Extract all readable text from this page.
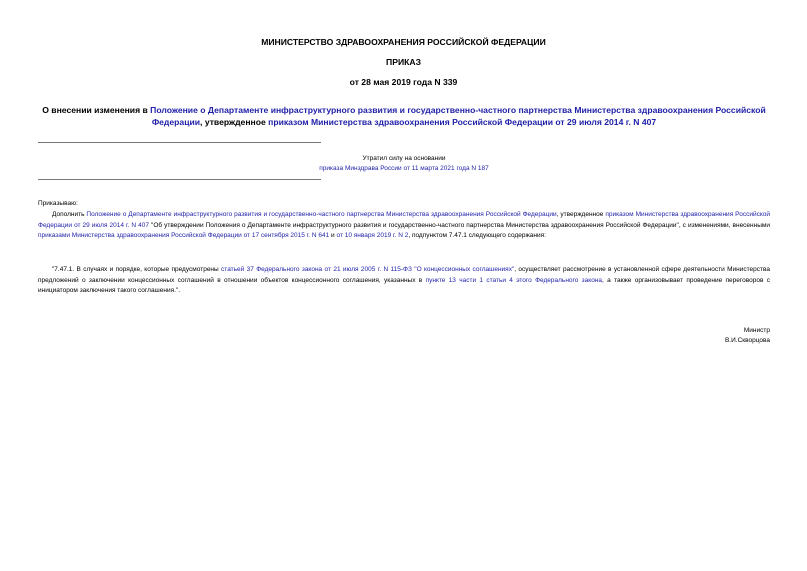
МИНИСТЕРСТВО ЗДРАВООХРАНЕНИЯ РОССИЙСКОЙ ФЕДЕРАЦИИ
ПРИКАЗ
от 28 мая 2019 года N 339
О внесении изменения в Положение о Департаменте инфраструктурного развития и государственно-частного партнерства Министерства здравоохранения Российской Федерации, утвержденное приказом Министерства здравоохранения Российской Федерации от 29 июля 2014 г. N 407
Утратил силу на основании
приказа Минздрава России от 11 марта 2021 года N 187
Приказываю:
Дополнить Положение о Департаменте инфраструктурного развития и государственно-частного партнерства Министерства здравоохранения Российской Федерации, утвержденное приказом Министерства здравоохранения Российской Федерации от 29 июля 2014 г. N 407 "Об утверждении Положения о Департаменте инфраструктурного развития и государственно-частного партнерства Министерства здравоохранения Российской Федерации", с изменениями, внесенными приказами Министерства здравоохранения Российской Федерации от 17 сентября 2015 г. N 641 и от 10 января 2019 г. N 2, подпунктом 7.47.1 следующего содержания:
"7.47.1. В случаях и порядке, которые предусмотрены статьей 37 Федерального закона от 21 июля 2005 г. N 115-ФЗ "О концессионных соглашениях", осуществляет рассмотрение в установленной сфере деятельности Министерства предложений о заключении концессионных соглашений в отношении объектов концессионного соглашения, указанных в пункте 13 части 1 статьи 4 этого Федерального закона, а также организовывает проведение переговоров с инициатором заключения такого соглашения.".
Министр
В.И.Скворцова
